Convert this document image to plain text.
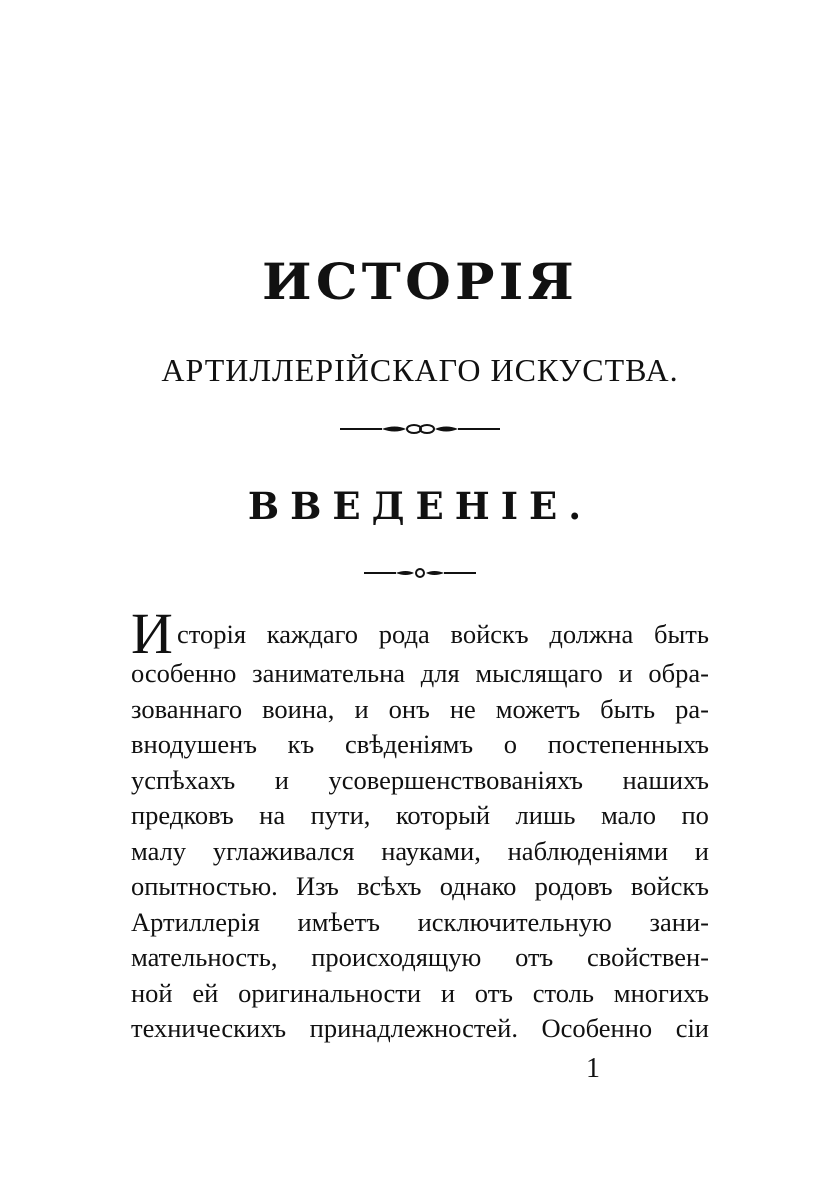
ИСТОРІЯ
АРТИЛЛЕРІЙСКАГО ИСКУСТВА.
ВВЕДЕНІЕ.
И сторія каждаго рода войскъ должна быть
особенно занимательна для мыслящаго и обра-
зованнаго воина, и онъ не можетъ быть ра-
внодушенъ къ свѣденіямъ о постепенныхъ
успѣхахъ и усовершенствованіяхъ нашихъ
предковъ на пути, который лишь мало по
малу углаживался науками, наблюденіями и
опытностью. Изъ всѣхъ однако родовъ войскъ
Артиллерія имѣетъ исключительную зани-
мательность, происходящую отъ свойствен-
ной ей оригинальности и отъ столь многихъ
техническихъ принадлежностей. Особенно сіи
1
